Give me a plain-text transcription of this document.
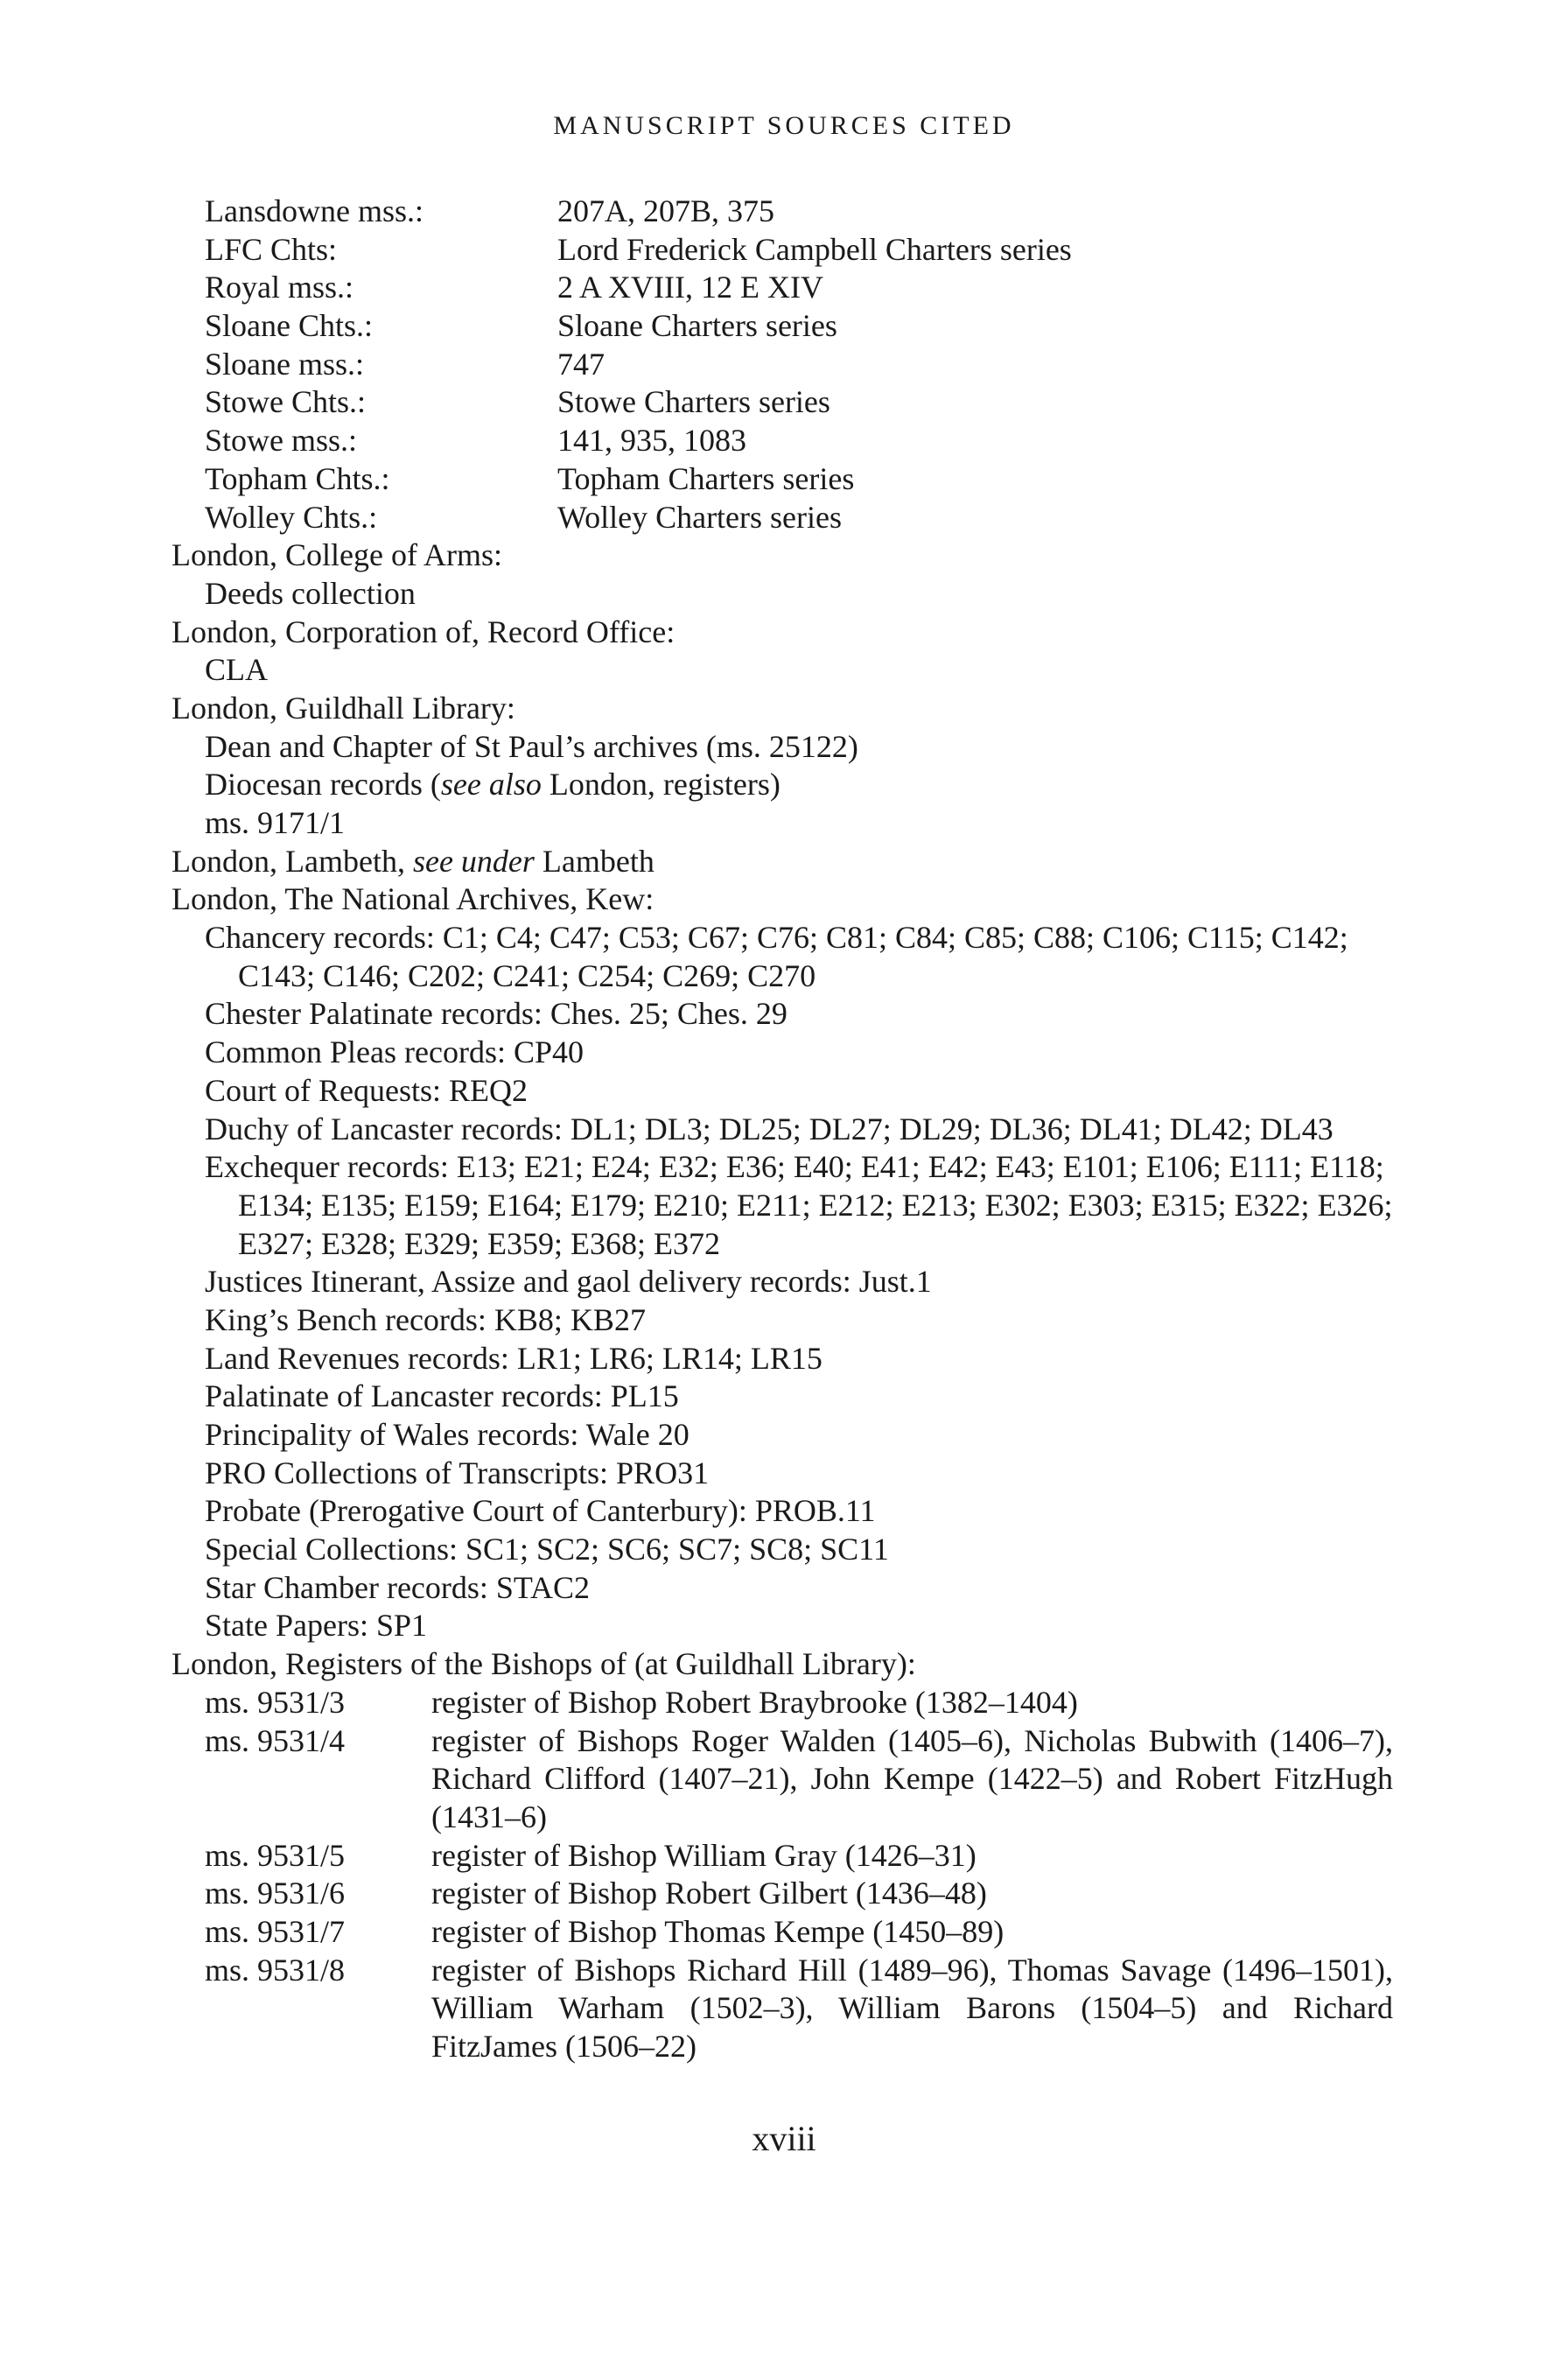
MANUSCRIPT SOURCES CITED
Lansdowne mss.:	207A, 207B, 375
LFC Chts:	Lord Frederick Campbell Charters series
Royal mss.:	2 A XVIII, 12 E XIV
Sloane Chts.:	Sloane Charters series
Sloane mss.:	747
Stowe Chts.:	Stowe Charters series
Stowe mss.:	141, 935, 1083
Topham Chts.:	Topham Charters series
Wolley Chts.:	Wolley Charters series
London, College of Arms:
Deeds collection
London, Corporation of, Record Office:
CLA
London, Guildhall Library:
Dean and Chapter of St Paul’s archives (ms. 25122)
Diocesan records (see also London, registers)
ms. 9171/1
London, Lambeth, see under Lambeth
London, The National Archives, Kew:
Chancery records: C1; C4; C47; C53; C67; C76; C81; C84; C85; C88; C106; C115; C142;
C143; C146; C202; C241; C254; C269; C270
Chester Palatinate records: Ches. 25; Ches. 29
Common Pleas records: CP40
Court of Requests: REQ2
Duchy of Lancaster records: DL1; DL3; DL25; DL27; DL29; DL36; DL41; DL42; DL43
Exchequer records: E13; E21; E24; E32; E36; E40; E41; E42; E43; E101; E106; E111; E118;
E134; E135; E159; E164; E179; E210; E211; E212; E213; E302; E303; E315; E322; E326;
E327; E328; E329; E359; E368; E372
Justices Itinerant, Assize and gaol delivery records: Just.1
King’s Bench records: KB8; KB27
Land Revenues records: LR1; LR6; LR14; LR15
Palatinate of Lancaster records: PL15
Principality of Wales records: Wale 20
PRO Collections of Transcripts: PRO31
Probate (Prerogative Court of Canterbury): PROB.11
Special Collections: SC1; SC2; SC6; SC7; SC8; SC11
Star Chamber records: STAC2
State Papers: SP1
London, Registers of the Bishops of (at Guildhall Library):
ms. 9531/3	register of Bishop Robert Braybrooke (1382–1404)
ms. 9531/4	register of Bishops Roger Walden (1405–6), Nicholas Bubwith (1406–7), Richard Clifford (1407–21), John Kempe (1422–5) and Robert FitzHugh (1431–6)
ms. 9531/5	register of Bishop William Gray (1426–31)
ms. 9531/6	register of Bishop Robert Gilbert (1436–48)
ms. 9531/7	register of Bishop Thomas Kempe (1450–89)
ms. 9531/8	register of Bishops Richard Hill (1489–96), Thomas Savage (1496–1501), William Warham (1502–3), William Barons (1504–5) and Richard FitzJames (1506–22)
xviii
